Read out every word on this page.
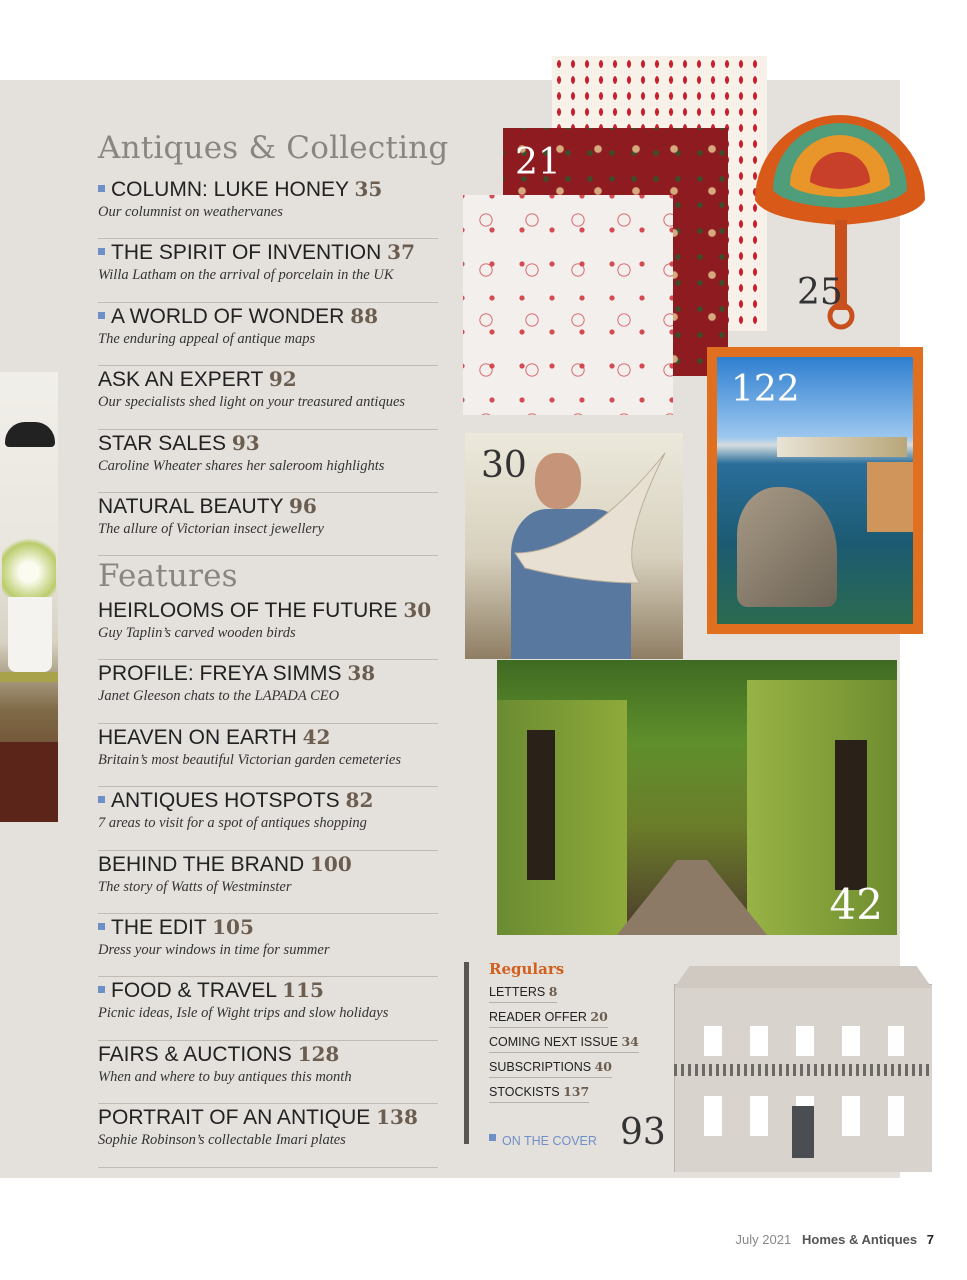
Antiques & Collecting
Features
COLUMN: LUKE HONEY 35
Our columnist on weathervanes
THE SPIRIT OF INVENTION 37
Willa Latham on the arrival of porcelain in the UK
A WORLD OF WONDER 88
The enduring appeal of antique maps
ASK AN EXPERT 92
Our specialists shed light on your treasured antiques
STAR SALES 93
Caroline Wheater shares her saleroom highlights
NATURAL BEAUTY 96
The allure of Victorian insect jewellery
HEIRLOOMS OF THE FUTURE 30
Guy Taplin’s carved wooden birds
PROFILE: FREYA SIMMS 38
Janet Gleeson chats to the LAPADA CEO
HEAVEN ON EARTH 42
Britain’s most beautiful Victorian garden cemeteries
ANTIQUES HOTSPOTS 82
7 areas to visit for a spot of antiques shopping
BEHIND THE BRAND 100
The story of Watts of Westminster
THE EDIT 105
Dress your windows in time for summer
FOOD & TRAVEL 115
Picnic ideas, Isle of Wight trips and slow holidays
FAIRS & AUCTIONS 128
When and where to buy antiques this month
PORTRAIT OF AN ANTIQUE 138
Sophie Robinson’s collectable Imari plates
21
25
122
30
42
Regulars
LETTERS 8
READER OFFER 20
COMING NEXT ISSUE 34
SUBSCRIPTIONS 40
STOCKISTS 137
ON THE COVER 93
July 2021 Homes & Antiques 7
